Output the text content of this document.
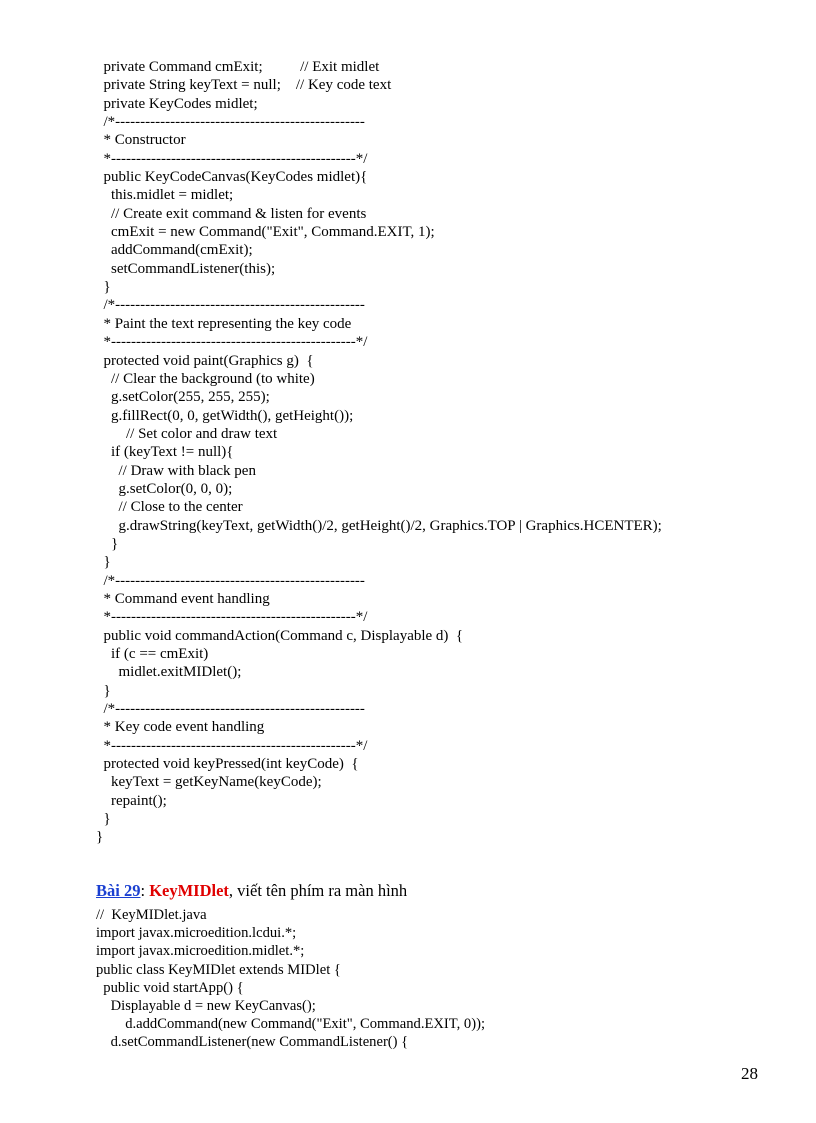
private Command cmExit;          // Exit midlet
private String keyText = null;    // Key code text
private KeyCodes midlet;
/*--------------------------------------------------
* Constructor
*-------------------------------------------------*/
public KeyCodeCanvas(KeyCodes midlet){
this.midlet = midlet;
// Create exit command & listen for events
cmExit = new Command("Exit", Command.EXIT, 1);
addCommand(cmExit);
setCommandListener(this);
}
/*--------------------------------------------------
* Paint the text representing the key code
*-------------------------------------------------*/
protected void paint(Graphics g)  {
// Clear the background (to white)
g.setColor(255, 255, 255);
g.fillRect(0, 0, getWidth(), getHeight());
// Set color and draw text
if (keyText != null){
// Draw with black pen
g.setColor(0, 0, 0);
// Close to the center
g.drawString(keyText, getWidth()/2, getHeight()/2, Graphics.TOP | Graphics.HCENTER);
}
}
/*--------------------------------------------------
* Command event handling
*-------------------------------------------------*/
public void commandAction(Command c, Displayable d)  {
if (c == cmExit)
midlet.exitMIDlet();
}
/*--------------------------------------------------
* Key code event handling
*-------------------------------------------------*/
protected void keyPressed(int keyCode)  {
keyText = getKeyName(keyCode);
repaint();
}
}
Bài 29: KeyMIDlet, viết tên phím ra màn hình
//  KeyMIDlet.java
import javax.microedition.lcdui.*;
import javax.microedition.midlet.*;
public class KeyMIDlet extends MIDlet {
public void startApp() {
Displayable d = new KeyCanvas();
d.addCommand(new Command("Exit", Command.EXIT, 0));
d.setCommandListener(new CommandListener() {
28
